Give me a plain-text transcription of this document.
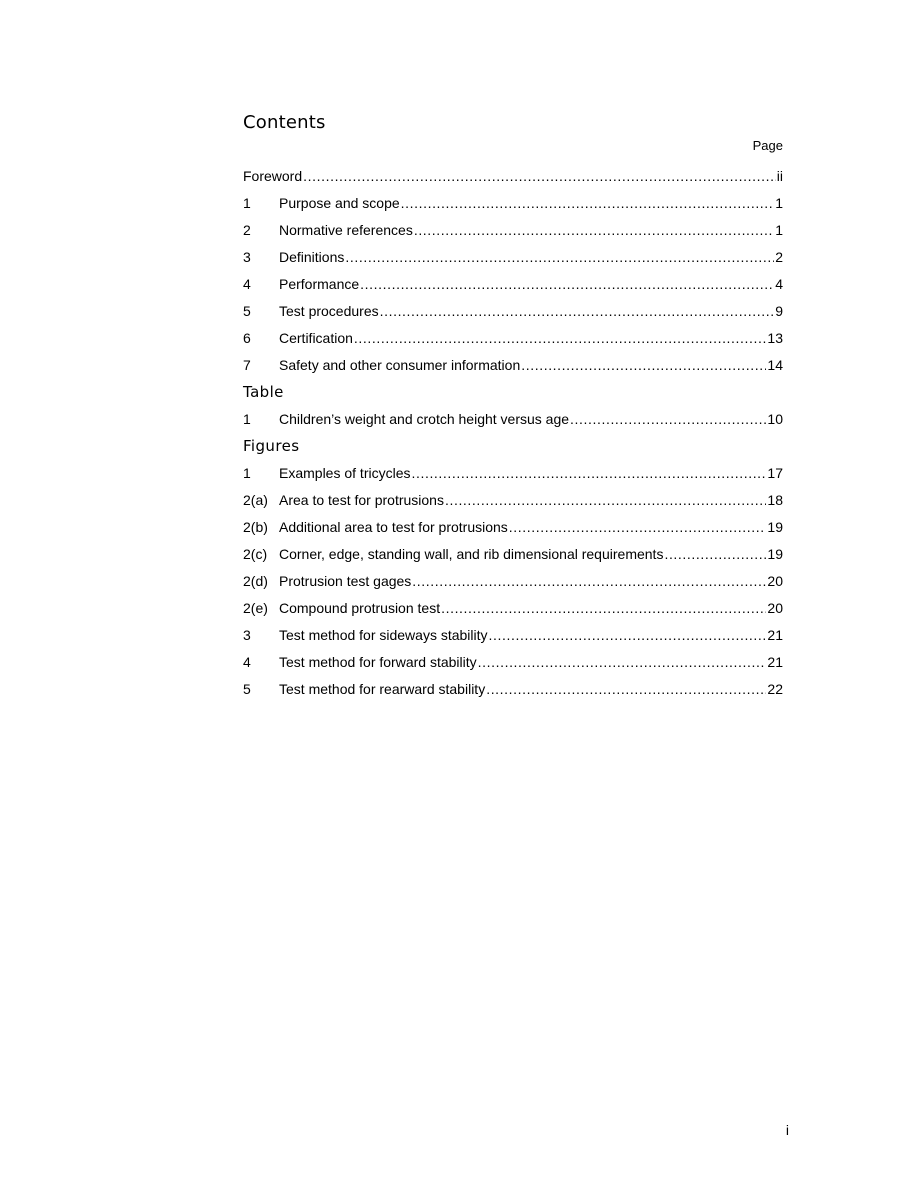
Contents
Page
Foreword .....	ii
1	Purpose and scope .....	1
2	Normative references .....	1
3	Definitions .....	2
4	Performance .....	4
5	Test procedures .....	9
6	Certification .....	13
7	Safety and other consumer information .....	14
Table
1	Children’s weight and crotch height versus age .....	10
Figures
1	Examples of tricycles .....	17
2(a) Area to test for protrusions .....	18
2(b) Additional area to test for protrusions .....	19
2(c) Corner, edge, standing wall, and rib dimensional requirements .....	19
2(d) Protrusion test gages .....	20
2(e) Compound protrusion test .....	20
3	Test method for sideways stability .....	21
4	Test method for forward stability .....	21
5	Test method for rearward stability .....	22
i
